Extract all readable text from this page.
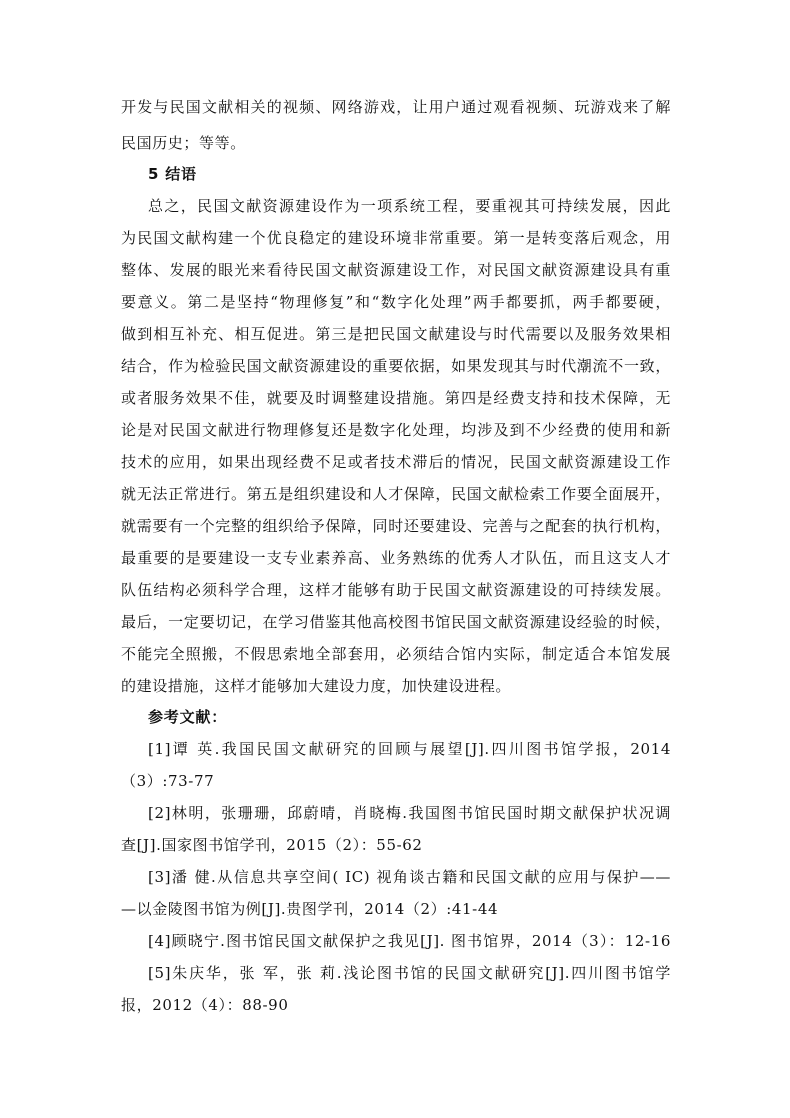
开发与民国文献相关的视频、网络游戏，让用户通过观看视频、玩游戏来了解
民国历史；等等。
5 结语
总之，民国文献资源建设作为一项系统工程，要重视其可持续发展，因此
为民国文献构建一个优良稳定的建设环境非常重要。第一是转变落后观念，用
整体、发展的眼光来看待民国文献资源建设工作，对民国文献资源建设具有重
要意义。第二是坚持“物理修复”和“数字化处理”两手都要抓，两手都要硬，
做到相互补充、相互促进。第三是把民国文献建设与时代需要以及服务效果相
结合，作为检验民国文献资源建设的重要依据，如果发现其与时代潮流不一致，
或者服务效果不佳，就要及时调整建设措施。第四是经费支持和技术保障，无
论是对民国文献进行物理修复还是数字化处理，均涉及到不少经费的使用和新
技术的应用，如果出现经费不足或者技术滞后的情况，民国文献资源建设工作
就无法正常进行。第五是组织建设和人才保障，民国文献检索工作要全面展开，
就需要有一个完整的组织给予保障，同时还要建设、完善与之配套的执行机构，
最重要的是要建设一支专业素养高、业务熟练的优秀人才队伍，而且这支人才
队伍结构必须科学合理，这样才能够有助于民国文献资源建设的可持续发展。
最后，一定要切记，在学习借鉴其他高校图书馆民国文献资源建设经验的时候，
不能完全照搬，不假思索地全部套用，必须结合馆内实际，制定适合本馆发展
的建设措施，这样才能够加大建设力度，加快建设进程。
参考文献：
[1]谭 英.我国民国文献研究的回顾与展望[J].四川图书馆学报，2014
（3）:73-77
[2]林明，张珊珊，邱蔚晴，肖晓梅.我国图书馆民国时期文献保护状况调
查[J].国家图书馆学刊，2015（2）：55-62
[3]潘 健.从信息共享空间( IC) 视角谈古籍和民国文献的应用与保护——
—以金陵图书馆为例[J].贵图学刊，2014（2）:41-44
[4]顾晓宁.图书馆民国文献保护之我见[J]. 图书馆界，2014（3）：12-16
[5]朱庆华，张 军，张 莉.浅论图书馆的民国文献研究[J].四川图书馆学
报，2012（4）：88-90
